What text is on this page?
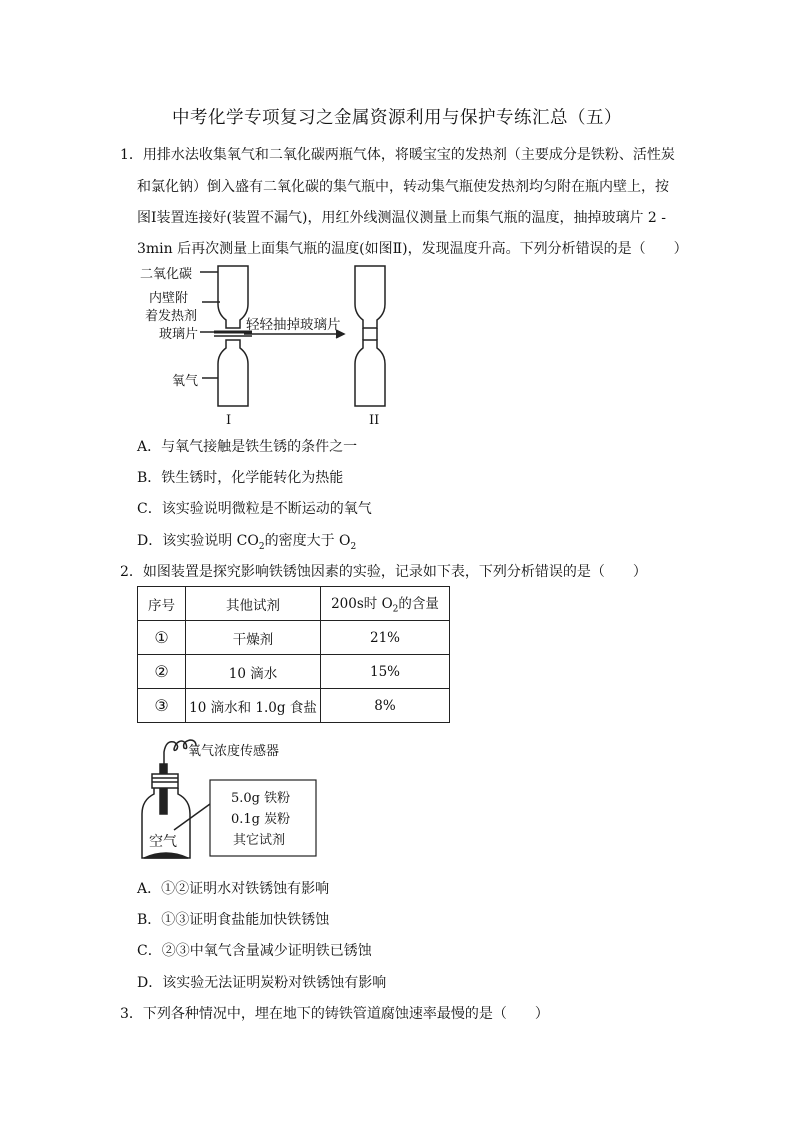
中考化学专项复习之金属资源利用与保护专练汇总（五）
1．用排水法收集氧气和二氧化碳两瓶气体，将暖宝宝的发热剂（主要成分是铁粉、活性炭
和氯化钠）倒入盛有二氧化碳的集气瓶中，转动集气瓶使发热剂均匀附在瓶内壁上，按
图Ⅰ装置连接好(装置不漏气)，用红外线测温仪测量上而集气瓶的温度，抽掉玻璃片 2 -
3min 后再次测量上面集气瓶的温度(如图Ⅱ)，发现温度升高。下列分析错误的是（　　）
二氧化碳
内壁附
着发热剂
玻璃片
氧气
轻轻抽掉玻璃片
I	II
A．与氧气接触是铁生锈的条件之一
B．铁生锈时，化学能转化为热能
C．该实验说明微粒是不断运动的氧气
D．该实验说明 $CO_2$的密度大于 $O_2$
2．如图装置是探究影响铁锈蚀因素的实验，记录如下表，下列分析错误的是（　　）
序号	其他试剂	200s时 $O_2$的含量
①	干燥剂	21%
②	10 滴水	15%
③	10 滴水和 1.0g 食盐	8%
氧气浓度传感器
5.0g 铁粉
0.1g 炭粉
其它试剂
空气
A．①②证明水对铁锈蚀有影响
B．①③证明食盐能加快铁锈蚀
C．②③中氧气含量减少证明铁已锈蚀
D．该实验无法证明炭粉对铁锈蚀有影响
3．下列各种情况中，埋在地下的铸铁管道腐蚀速率最慢的是（　　）
